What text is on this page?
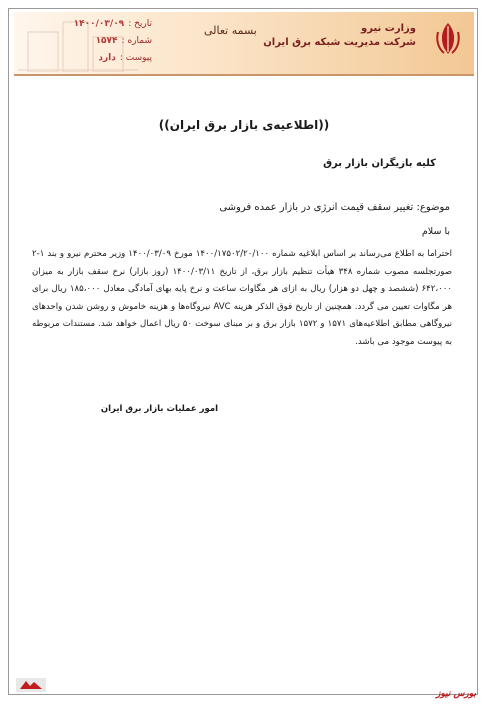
تاریخ :
۱۴۰۰/۰۳/۰۹
شماره :
۱۵۷۴
پیوست :
دارد
بسمه تعالی	وزارت نیرو
شرکت مدیریت شبکه برق ایران
((اطلاعیه‌ی بازار برق ایران))
کلیه بازیگران بازار برق
موضوع: تغییر سقف قیمت انرژی در بازار عمده فروشی
با سلام
احتراما به اطلاع می‌رساند بر اساس ابلاغیه شماره ۱۴۰۰/۱۷۵۰۲/۲۰/۱۰۰ مورخ ۱۴۰۰/۰۳/۰۹ وزیر محترم نیرو و بند ۱-۲ صورتجلسه مصوب شماره ۳۴۸ هیأت تنظیم بازار برق، از تاریخ ۱۴۰۰/۰۳/۱۱ (روز بازار) نرخ سقف بازار به میزان ۶۴۲،۰۰۰ (ششصد و چهل دو هزار) ریال به ازای هر مگاوات ساعت و نرخ پایه بهای آمادگی معادل ۱۸۵،۰۰۰ ریال برای هر مگاوات تعیین می گردد. همچنین از تاریخ فوق الذکر هزینه AVC نیروگاه‌ها و هزینه خاموش و روشن شدن واحدهای نیروگاهی مطابق اطلاعیه‌های ۱۵۷۱ و ۱۵۷۲ بازار برق و بر مبنای سوخت ۵۰ ریال اعمال خواهد شد. مستندات مربوطه به پیوست موجود می باشد.
امور عملیات بازار برق ایران
بورس نیوز
